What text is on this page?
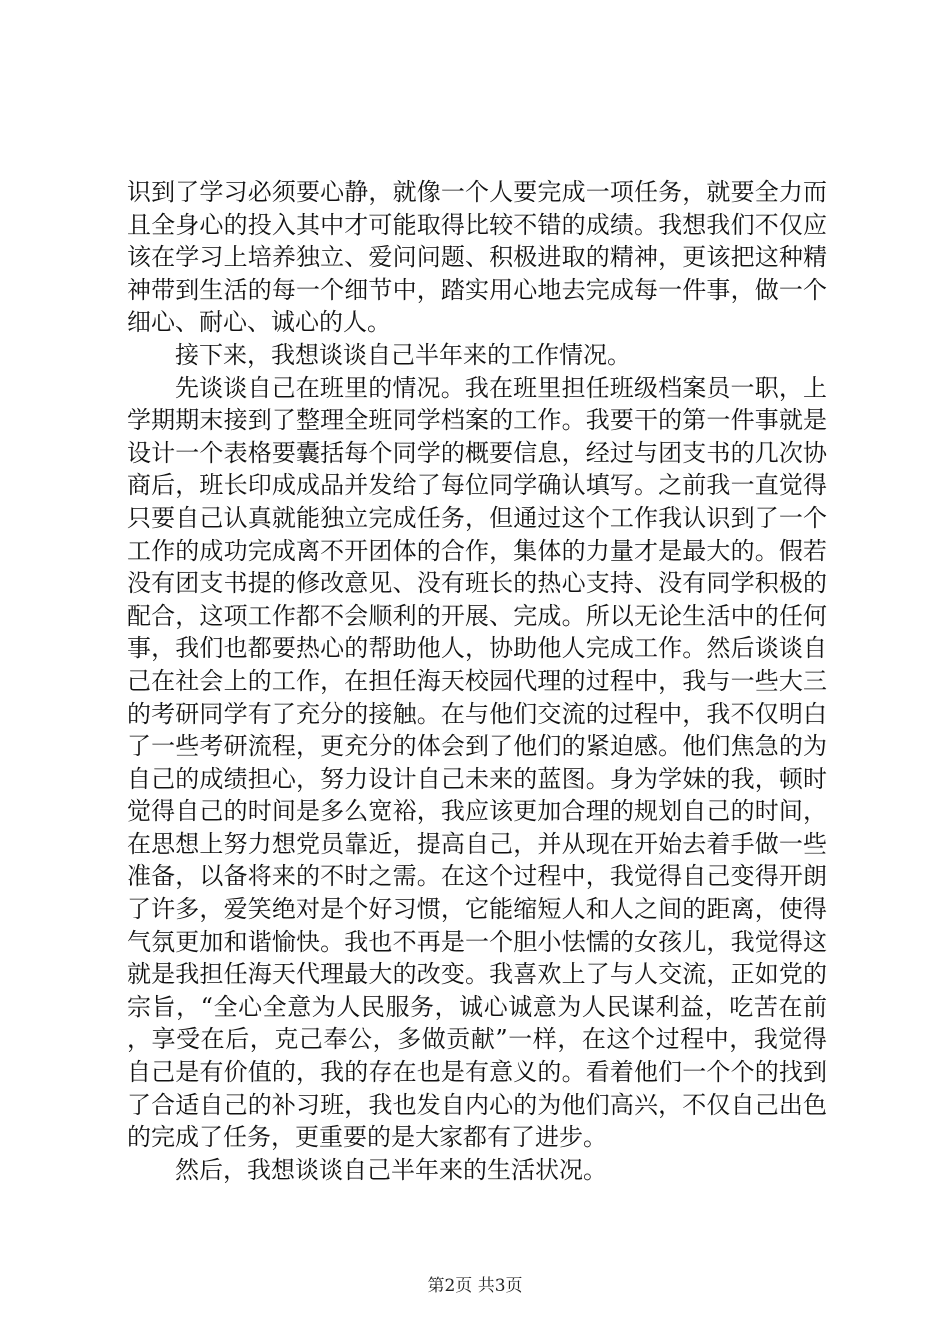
识到了学习必须要心静，就像一个人要完成一项任务，就要全力而且全身心的投入其中才可能取得比较不错的成绩。我想我们不仅应该在学习上培养独立、爱问问题、积极进取的精神，更该把这种精神带到生活的每一个细节中，踏实用心地去完成每一件事，做一个细心、耐心、诚心的人。

接下来，我想谈谈自己半年来的工作情况。

先谈谈自己在班里的情况。我在班里担任班级档案员一职，上学期期末接到了整理全班同学档案的工作。我要干的第一件事就是设计一个表格要囊括每个同学的概要信息，经过与团支书的几次协商后，班长印成成品并发给了每位同学确认填写。之前我一直觉得只要自己认真就能独立完成任务，但通过这个工作我认识到了一个工作的成功完成离不开团体的合作，集体的力量才是最大的。假若没有团支书提的修改意见、没有班长的热心支持、没有同学积极的配合，这项工作都不会顺利的开展、完成。所以无论生活中的任何事，我们也都要热心的帮助他人，协助他人完成工作。然后谈谈自己在社会上的工作，在担任海天校园代理的过程中，我与一些大三的考研同学有了充分的接触。在与他们交流的过程中，我不仅明白了一些考研流程，更充分的体会到了他们的紧迫感。他们焦急的为自己的成绩担心，努力设计自己未来的蓝图。身为学妹的我，顿时觉得自己的时间是多么宽裕，我应该更加合理的规划自己的时间，在思想上努力想党员靠近，提高自己，并从现在开始去着手做一些准备，以备将来的不时之需。在这个过程中，我觉得自己变得开朗了许多，爱笑绝对是个好习惯，它能缩短人和人之间的距离，使得气氛更加和谐愉快。我也不再是一个胆小怯懦的女孩儿，我觉得这就是我担任海天代理最大的改变。我喜欢上了与人交流，正如党的宗旨，“全心全意为人民服务，诚心诚意为人民谋利益，吃苦在前，享受在后，克己奉公，多做贡献”一样，在这个过程中，我觉得自己是有价值的，我的存在也是有意义的。看着他们一个个的找到了合适自己的补习班，我也发自内心的为他们高兴，不仅自己出色的完成了任务，更重要的是大家都有了进步。

然后，我想谈谈自己半年来的生活状况。

第2页 共3页
